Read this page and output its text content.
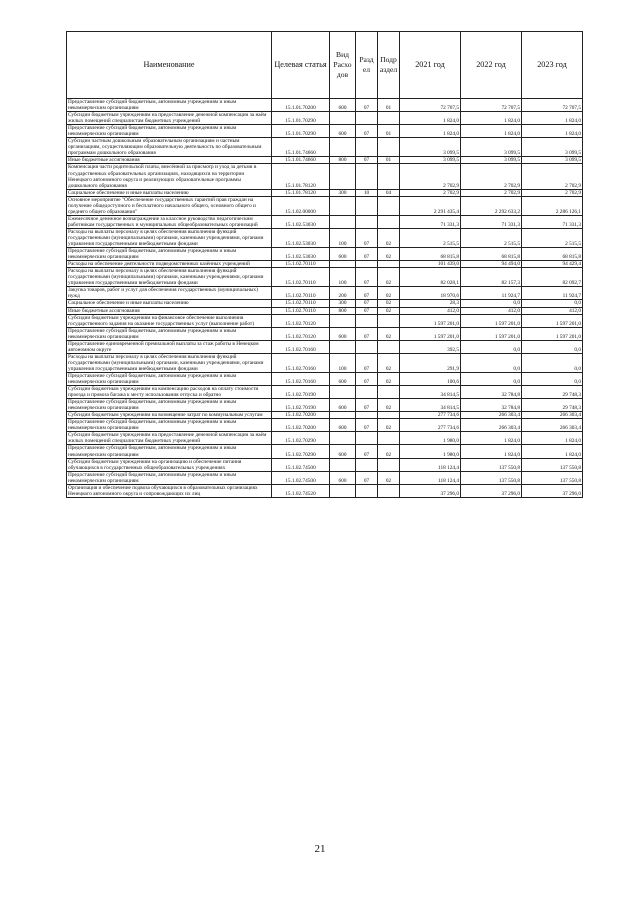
Наименование	Целевая статья	Вид Расхо дов	Разд ел	Подр аздел	2021 год	2022 год	2023 год
Предоставление субсидий бюджетным, автономным учреждениям и иным некоммерческим организациям	15.1.01.70200	600	07	01	72 707,5	72 707,5	72 707,5
Субсидии бюджетным учреждениям на предоставление денежной компенсации за наём жилых помещений специалистам бюджетных учреждений	15.1.01.70290				1 824,0	1 824,0	1 824,0
Предоставление субсидий бюджетным, автономным учреждениям и иным некоммерческим организациям	15.1.01.70290	600	07	01	1 824,0	1 824,0	1 824,0
Субсидии частным дошкольным образовательным организациям и частным организациям, осуществляющим образовательную деятельность по образовательным программам дошкольного образования	15.1.01.74660				3 099,5	3 099,5	3 099,5
Иные бюджетные ассигнования	15.1.01.74660	800	07	01	3 099,5	3 099,5	3 099,5
Компенсация части родительской платы, внесённой за присмотр и уход за детьми в государственных образовательных организациях, находящихся на территории Ненецкого автономного округа и реализующих образовательные программы дошкольного образования	15.1.01.78120				2 702,9	2 702,9	2 702,9
Социальное обеспечение и иные выплаты населению	15.1.01.78120	300	10	04	2 702,9	2 702,9	2 702,9
Основное мероприятие "Обеспечение государственных гарантий прав граждан на получение общедоступного и бесплатного начального общего, основного общего и среднего общего образования"	15.1.02.00000				2 291 435,4	2 292 633,2	2 286 126,1
Ежемесячное денежное вознаграждение за классное руководство педагогическим работникам государственных и муниципальных общеобразовательных организаций	15.1.02.53030				71 331,3	71 331,3	71 331,3
Расходы на выплаты персоналу в целях обеспечения выполнения функций государственными (муниципальными) органами, казенными учреждениями, органами управления государственными внебюджетными фондами	15.1.02.53030	100	07	02	2 515,5	2 515,5	2 515,5
Предоставление субсидий бюджетным, автономным учреждениям и иным некоммерческим организациям	15.1.02.53030	600	07	02	68 815,8	68 815,8	68 815,8
Расходы на обеспечение деятельности подведомственных казённых учреждений	15.1.02.70110				101 439,0	94 494,0	94 429,4
Расходы на выплаты персоналу в целях обеспечения выполнения функций государственными (муниципальными) органами, казенными учреждениями, органами управления государственными внебюджетными фондами	15.1.02.70110	100	07	02	82 028,1	82 157,3	82 092,7
Закупка товаров, работ и услуг для обеспечения государственных (муниципальных) нужд	15.1.02.70110	200	07	02	18 970,6	11 924,7	11 924,7
Социальное обеспечение и иные выплаты населению	15.1.02.70110	300	07	02	28,3	0,0	0,0
Иные бюджетные ассигнования	15.1.02.70110	800	07	02	412,0	412,0	412,0
Субсидии бюджетным учреждениям на финансовое обеспечение выполнения государственного задания на оказание государственных услуг (выполнение работ)	15.1.02.70120				1 597 201,0	1 597 201,0	1 597 201,0
Предоставление субсидий бюджетным, автономным учреждениям и иным некоммерческим организациям	15.1.02.70120	600	07	02	1 597 201,0	1 597 201,0	1 597 201,0
Предоставление единовременной премиальной выплаты за стаж работы в Ненецком автономном округе	15.1.02.70160				392,5	0,0	0,0
Расходы на выплаты персоналу в целях обеспечения выполнения функций государственными (муниципальными) органами, казенными учреждениями, органами управления государственными внебюджетными фондами	15.1.02.70160	100	07	02	291,9	0,0	0,0
Предоставление субсидий бюджетным, автономным учреждениям и иным некоммерческим организациям	15.1.02.70160	600	07	02	100,6	0,0	0,0
Субсидии бюджетным учреждениям на компенсацию расходов на оплату стоимости проезда и провоза багажа к месту использования отпуска и обратно	15.1.02.70190				34 814,5	32 784,8	29 748,3
Предоставление субсидий бюджетным, автономным учреждениям и иным некоммерческим организациям	15.1.02.70190	600	07	02	34 814,5	32 784,8	29 748,3
Субсидии бюджетным учреждениям на возмещение затрат по коммунальным услугам	15.1.02.70200				277 734,6	266 303,4	266 303,4
Предоставление субсидий бюджетным, автономным учреждениям и иным некоммерческим организациям	15.1.02.70200	600	07	02	277 734,6	266 303,4	266 303,4
Субсидии бюджетным учреждениям на предоставление денежной компенсации за наём жилых помещений специалистам бюджетных учреждений	15.1.02.70290				1 980,0	1 824,0	1 824,0
Предоставление субсидий бюджетным, автономным учреждениям и иным некоммерческим организациям	15.1.02.70290	600	07	02	1 980,0	1 824,0	1 824,0
Субсидии бюджетным учреждениям на организацию и обеспечение питания обучающихся в государственных общеобразовательных учреждениях	15.1.02.74500				118 124,4	137 550,8	137 550,8
Предоставление субсидий бюджетным, автономным учреждениям и иным некоммерческим организациям	15.1.02.74500	600	07	02	118 124,4	137 550,8	137 550,8
Организация и обеспечение подвоза обучающихся в образовательных организациях Ненецкого автономного округа и сопровождающих их лиц	15.1.02.74520				37 296,0	37 296,0	37 296,0
21
